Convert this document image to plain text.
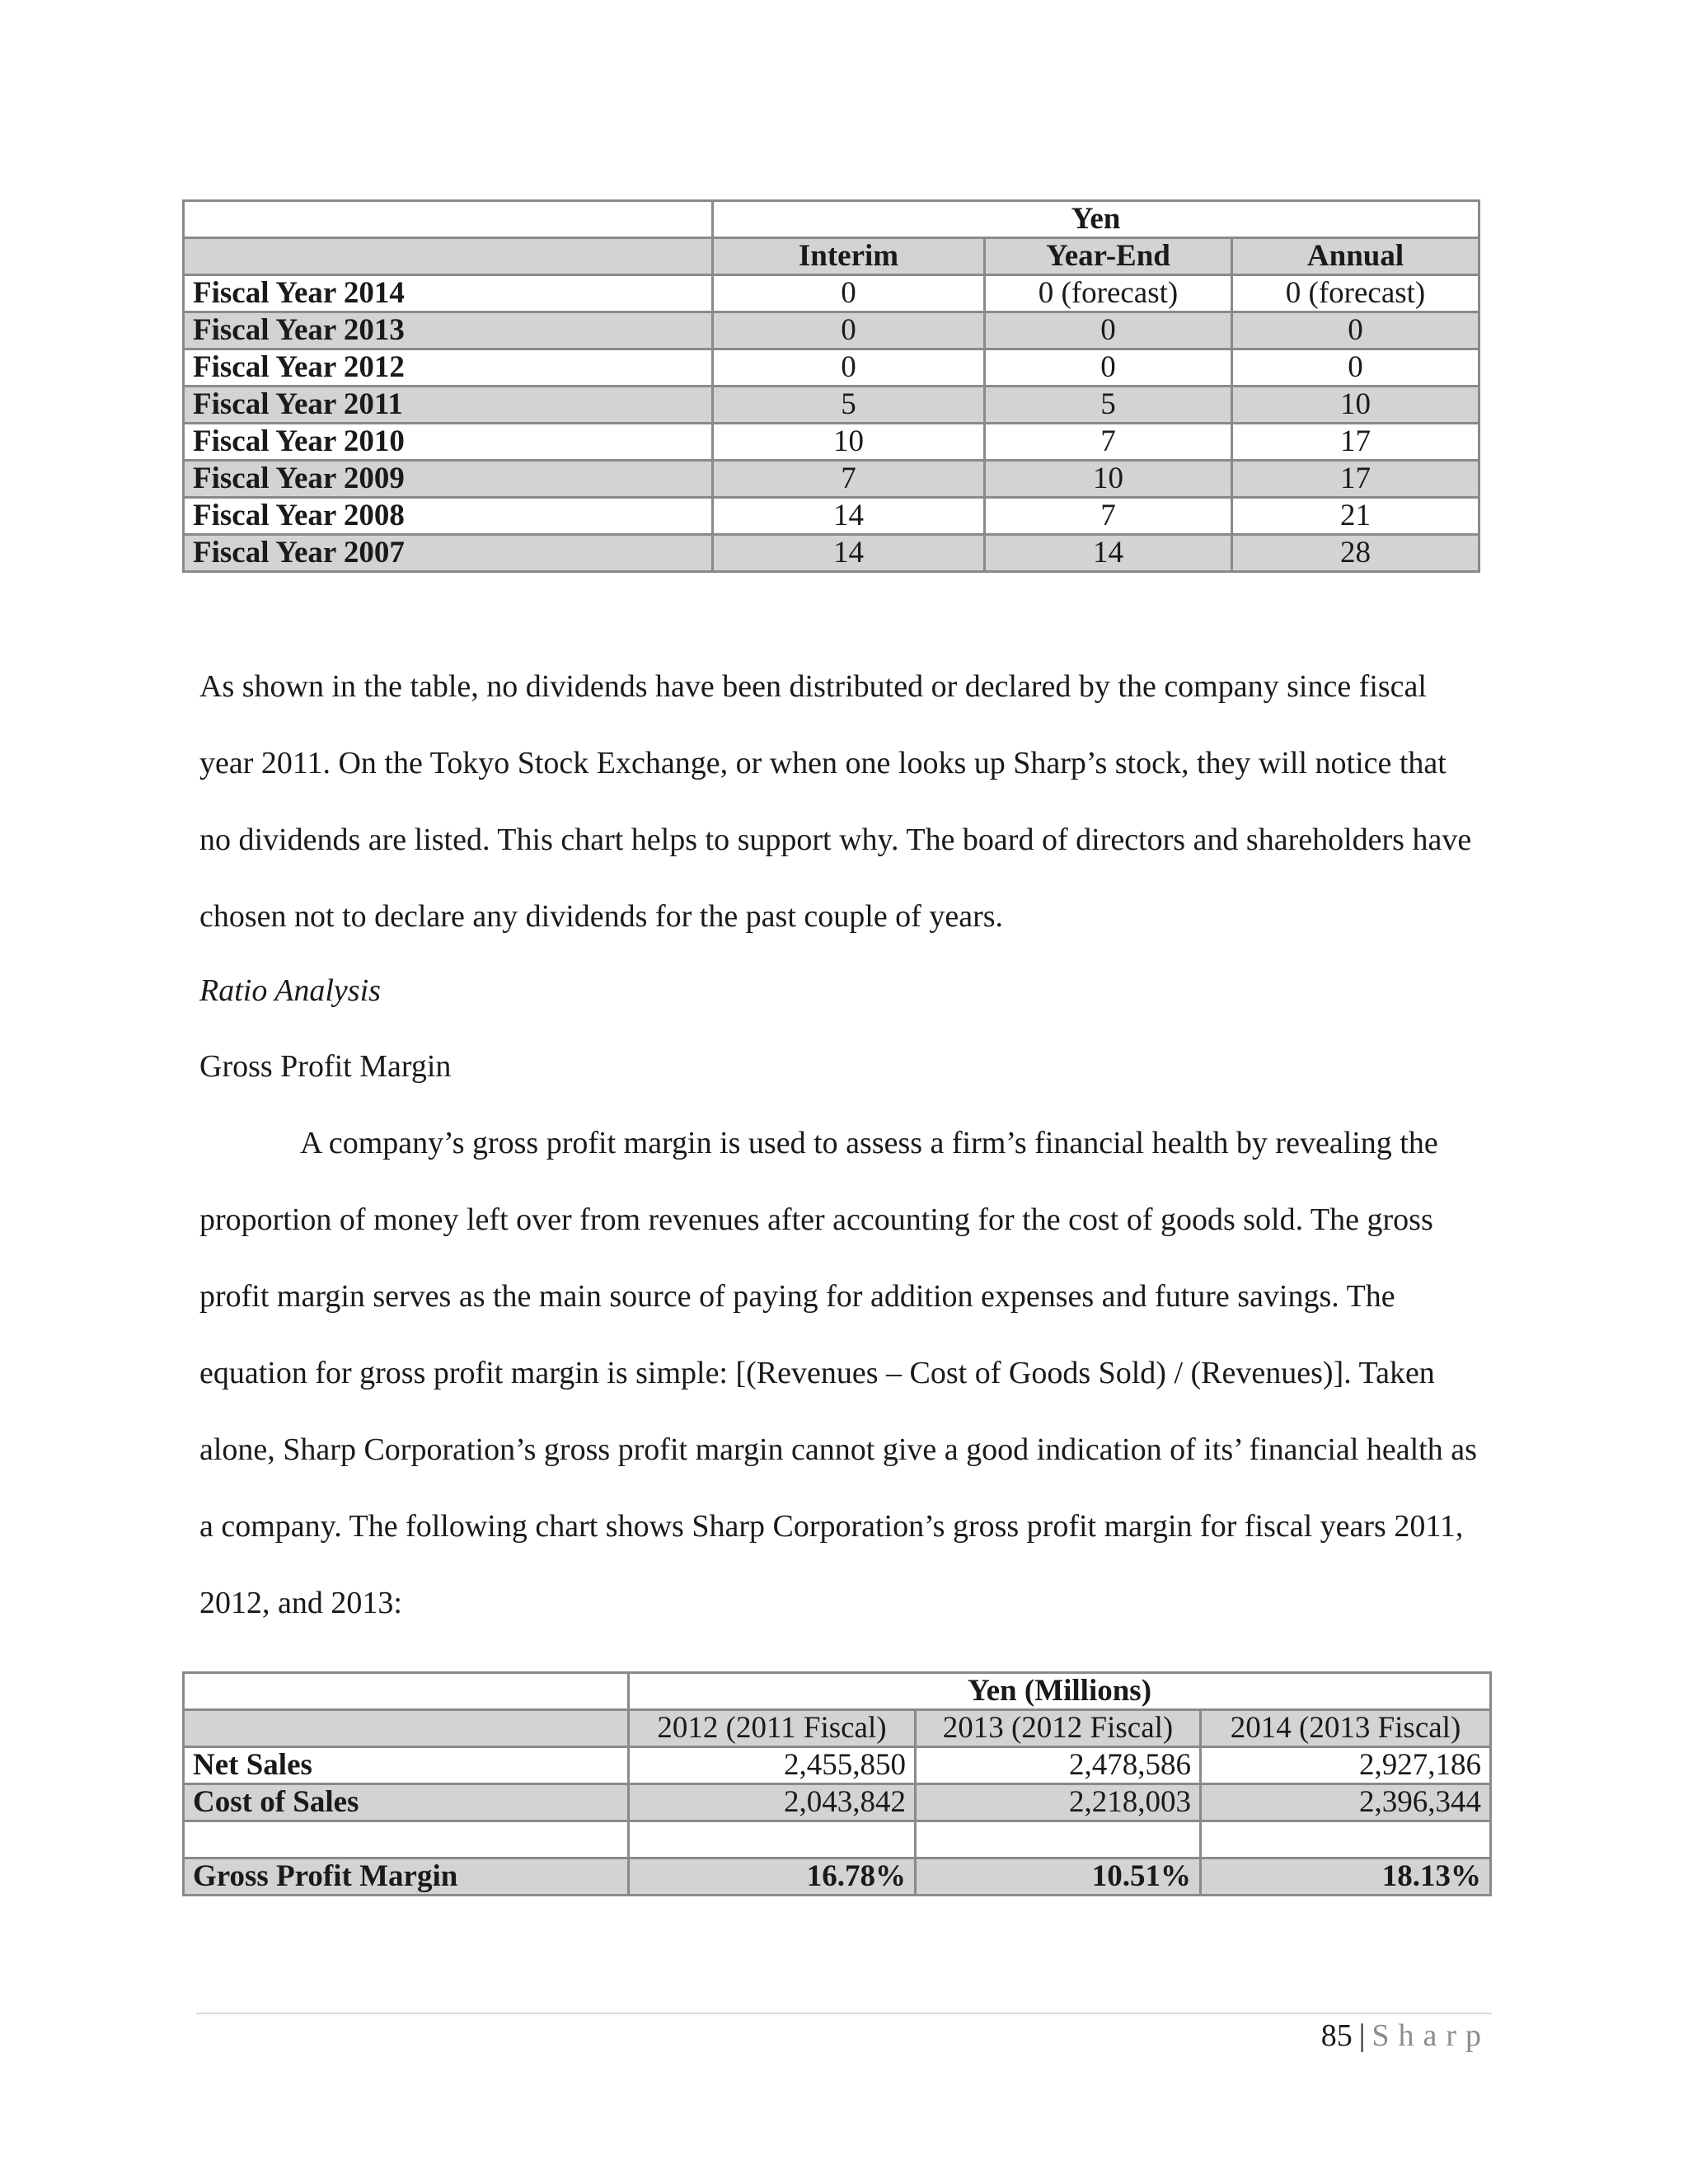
	Yen		
	Interim	Year-End	Annual
Fiscal Year 2014	0	0 (forecast)	0 (forecast)
Fiscal Year 2013	0	0	0
Fiscal Year 2012	0	0	0
Fiscal Year 2011	5	5	10
Fiscal Year 2010	10	7	17
Fiscal Year 2009	7	10	17
Fiscal Year 2008	14	7	21
Fiscal Year 2007	14	14	28

As shown in the table, no dividends have been distributed or declared by the company since fiscal year 2011. On the Tokyo Stock Exchange, or when one looks up Sharp’s stock, they will notice that no dividends are listed. This chart helps to support why. The board of directors and shareholders have chosen not to declare any dividends for the past couple of years.

Ratio Analysis

Gross Profit Margin

A company’s gross profit margin is used to assess a firm’s financial health by revealing the proportion of money left over from revenues after accounting for the cost of goods sold. The gross profit margin serves as the main source of paying for addition expenses and future savings. The equation for gross profit margin is simple: [(Revenues – Cost of Goods Sold) / (Revenues)]. Taken alone, Sharp Corporation’s gross profit margin cannot give a good indication of its’ financial health as a company. The following chart shows Sharp Corporation’s gross profit margin for fiscal years 2011, 2012, and 2013:

	Yen (Millions)		
	2012 (2011 Fiscal)	2013 (2012 Fiscal)	2014 (2013 Fiscal)
Net Sales	2,455,850	2,478,586	2,927,186
Cost of Sales	2,043,842	2,218,003	2,396,344

Gross Profit Margin	16.78%	10.51%	18.13%
85 | Sharp
